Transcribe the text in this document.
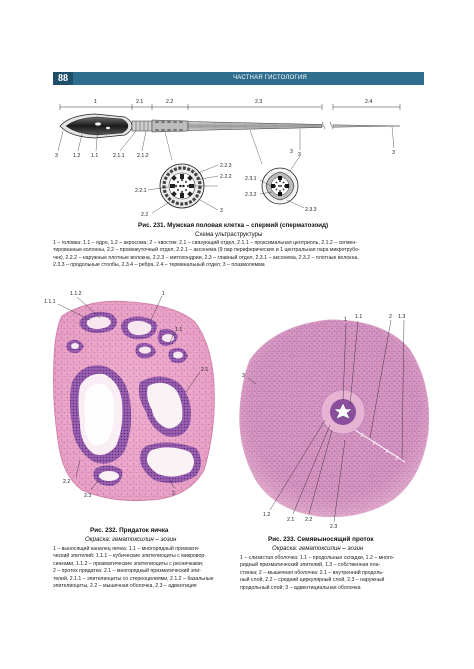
88	ЧАСТНАЯ ГИСТОЛОГИЯ
1	2.1	2.2	2.3	2.4
3	1.2 1.1	2.1.1 2.1.2	3	3
2.2.3
2.2.2
2.2.1
2.2
3
3
2.3.1
2.3.2
2.3.3
1.1.1
1.1.2	1
1.1
2.1
2
2.2
2.3
1 1.1	2 1.3
2.1 2.2
2.3
1.2
3
Рис. 231. Мужская половая клетка – спермий (сперматозоид)
Схема ультраструктуры
1 – головка: 1.1 – ядро, 1.2 – акросома; 2 – хвостик: 2.1 – связующий отдел, 2.1.1 – проксимальная центриоль, 2.1.2 – сегмен-
тированные колонны, 2.2 – промежуточный отдел, 2.2.1 – аксонема (9 пар периферических и 1 центральная пара микротрубо-
чек), 2.2.2 – наружные плотные волокна, 2.2.3 – митохондрии, 2.3 – главный отдел, 2.3.1 – аксонема, 2.3.2 – плотные волокна,
2.3.3 – продольные столбы, 2.3.4 – ребра, 2.4 – терминальный отдел; 3 – плазмолемма
Рис. 232. Придаток яичка
Окраска: гематоксилин – эозин
1 – выносящий каналец яичка: 1.1 – многорядный призмати-
ческий эпителий; 1.1.1 – кубические эпителиоциты с микровор-
синками, 1.1.2 – призматические эпителиоциты с ресничками;
2 – проток придатка: 2.1 – многорядный призматический эпи-
телий, 2.1.1 – эпителиоциты со стереоцилиями, 2.1.2 – базальные
эпителиоциты, 2.2 – мышечная оболочка, 2.3 – адвентиция
Рис. 233. Семявыносящий проток
Окраска: гематоксилин – эозин
1 – слизистая оболочка: 1.1 – продольные складки, 1.2 – много-
рядный призматический эпителий, 1.3 – собственная пла-
стинка; 2 – мышечная оболочка: 2.1 – внутренний продоль-
ный слой, 2.2 – средний циркулярный слой, 2.3 – наружный
продольный слой; 3 – адвентициальная оболочка
